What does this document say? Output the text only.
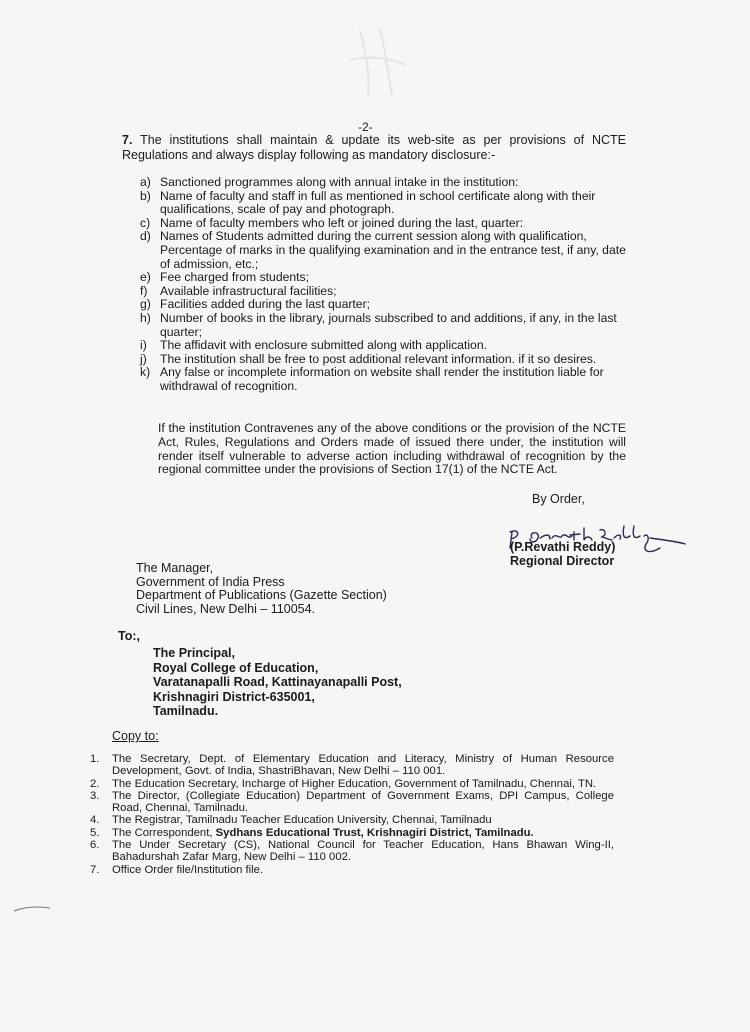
-2-

7. The institutions shall maintain & update its web-site as per provisions of NCTE Regulations and always display following as mandatory disclosure:-

a) Sanctioned programmes along with annual intake in the institution:
b) Name of faculty and staff in full as mentioned in school certificate along with their qualifications, scale of pay and photograph.
c) Name of faculty members who left or joined during the last, quarter:
d) Names of Students admitted during the current session along with qualification, Percentage of marks in the qualifying examination and in the entrance test, if any, date of admission, etc.;
e) Fee charged from students;
f) Available infrastructural facilities;
g) Facilities added during the last quarter;
h) Number of books in the library, journals subscribed to and additions, if any, in the last quarter;
i) The affidavit with enclosure submitted along with application.
j) The institution shall be free to post additional relevant information. if it so desires.
k) Any false or incomplete information on website shall render the institution liable for withdrawal of recognition.

If the institution Contravenes any of the above conditions or the provision of the NCTE Act, Rules, Regulations and Orders made of issued there under, the institution will render itself vulnerable to adverse action including withdrawal of recognition by the regional committee under the provisions of Section 17(1) of the NCTE Act.

By Order,
(P.Revathi Reddy)
Regional Director
The Manager,
Government of India Press
Department of Publications (Gazette Section)
Civil Lines, New Delhi – 110054.
To:,
The Principal,
Royal College of Education,
Varatanapalli Road, Kattinayanapalli Post,
Krishnagiri District-635001,
Tamilnadu.
Copy to:
1. The Secretary, Dept. of Elementary Education and Literacy, Ministry of Human Resource Development, Govt. of India, ShastriBhavan, New Delhi – 110 001.
2. The Education Secretary, Incharge of Higher Education, Government of Tamilnadu, Chennai, TN.
3. The Director, (Collegiate Education) Department of Government Exams, DPI Campus, College Road, Chennai, Tamilnadu.
4. The Registrar, Tamilnadu Teacher Education University, Chennai, Tamilnadu
5. The Correspondent, Sydhans Educational Trust, Krishnagiri District, Tamilnadu.
6. The Under Secretary (CS), National Council for Teacher Education, Hans Bhawan Wing-II, Bahadurshah Zafar Marg, New Delhi – 110 002.
7. Office Order file/Institution file.
